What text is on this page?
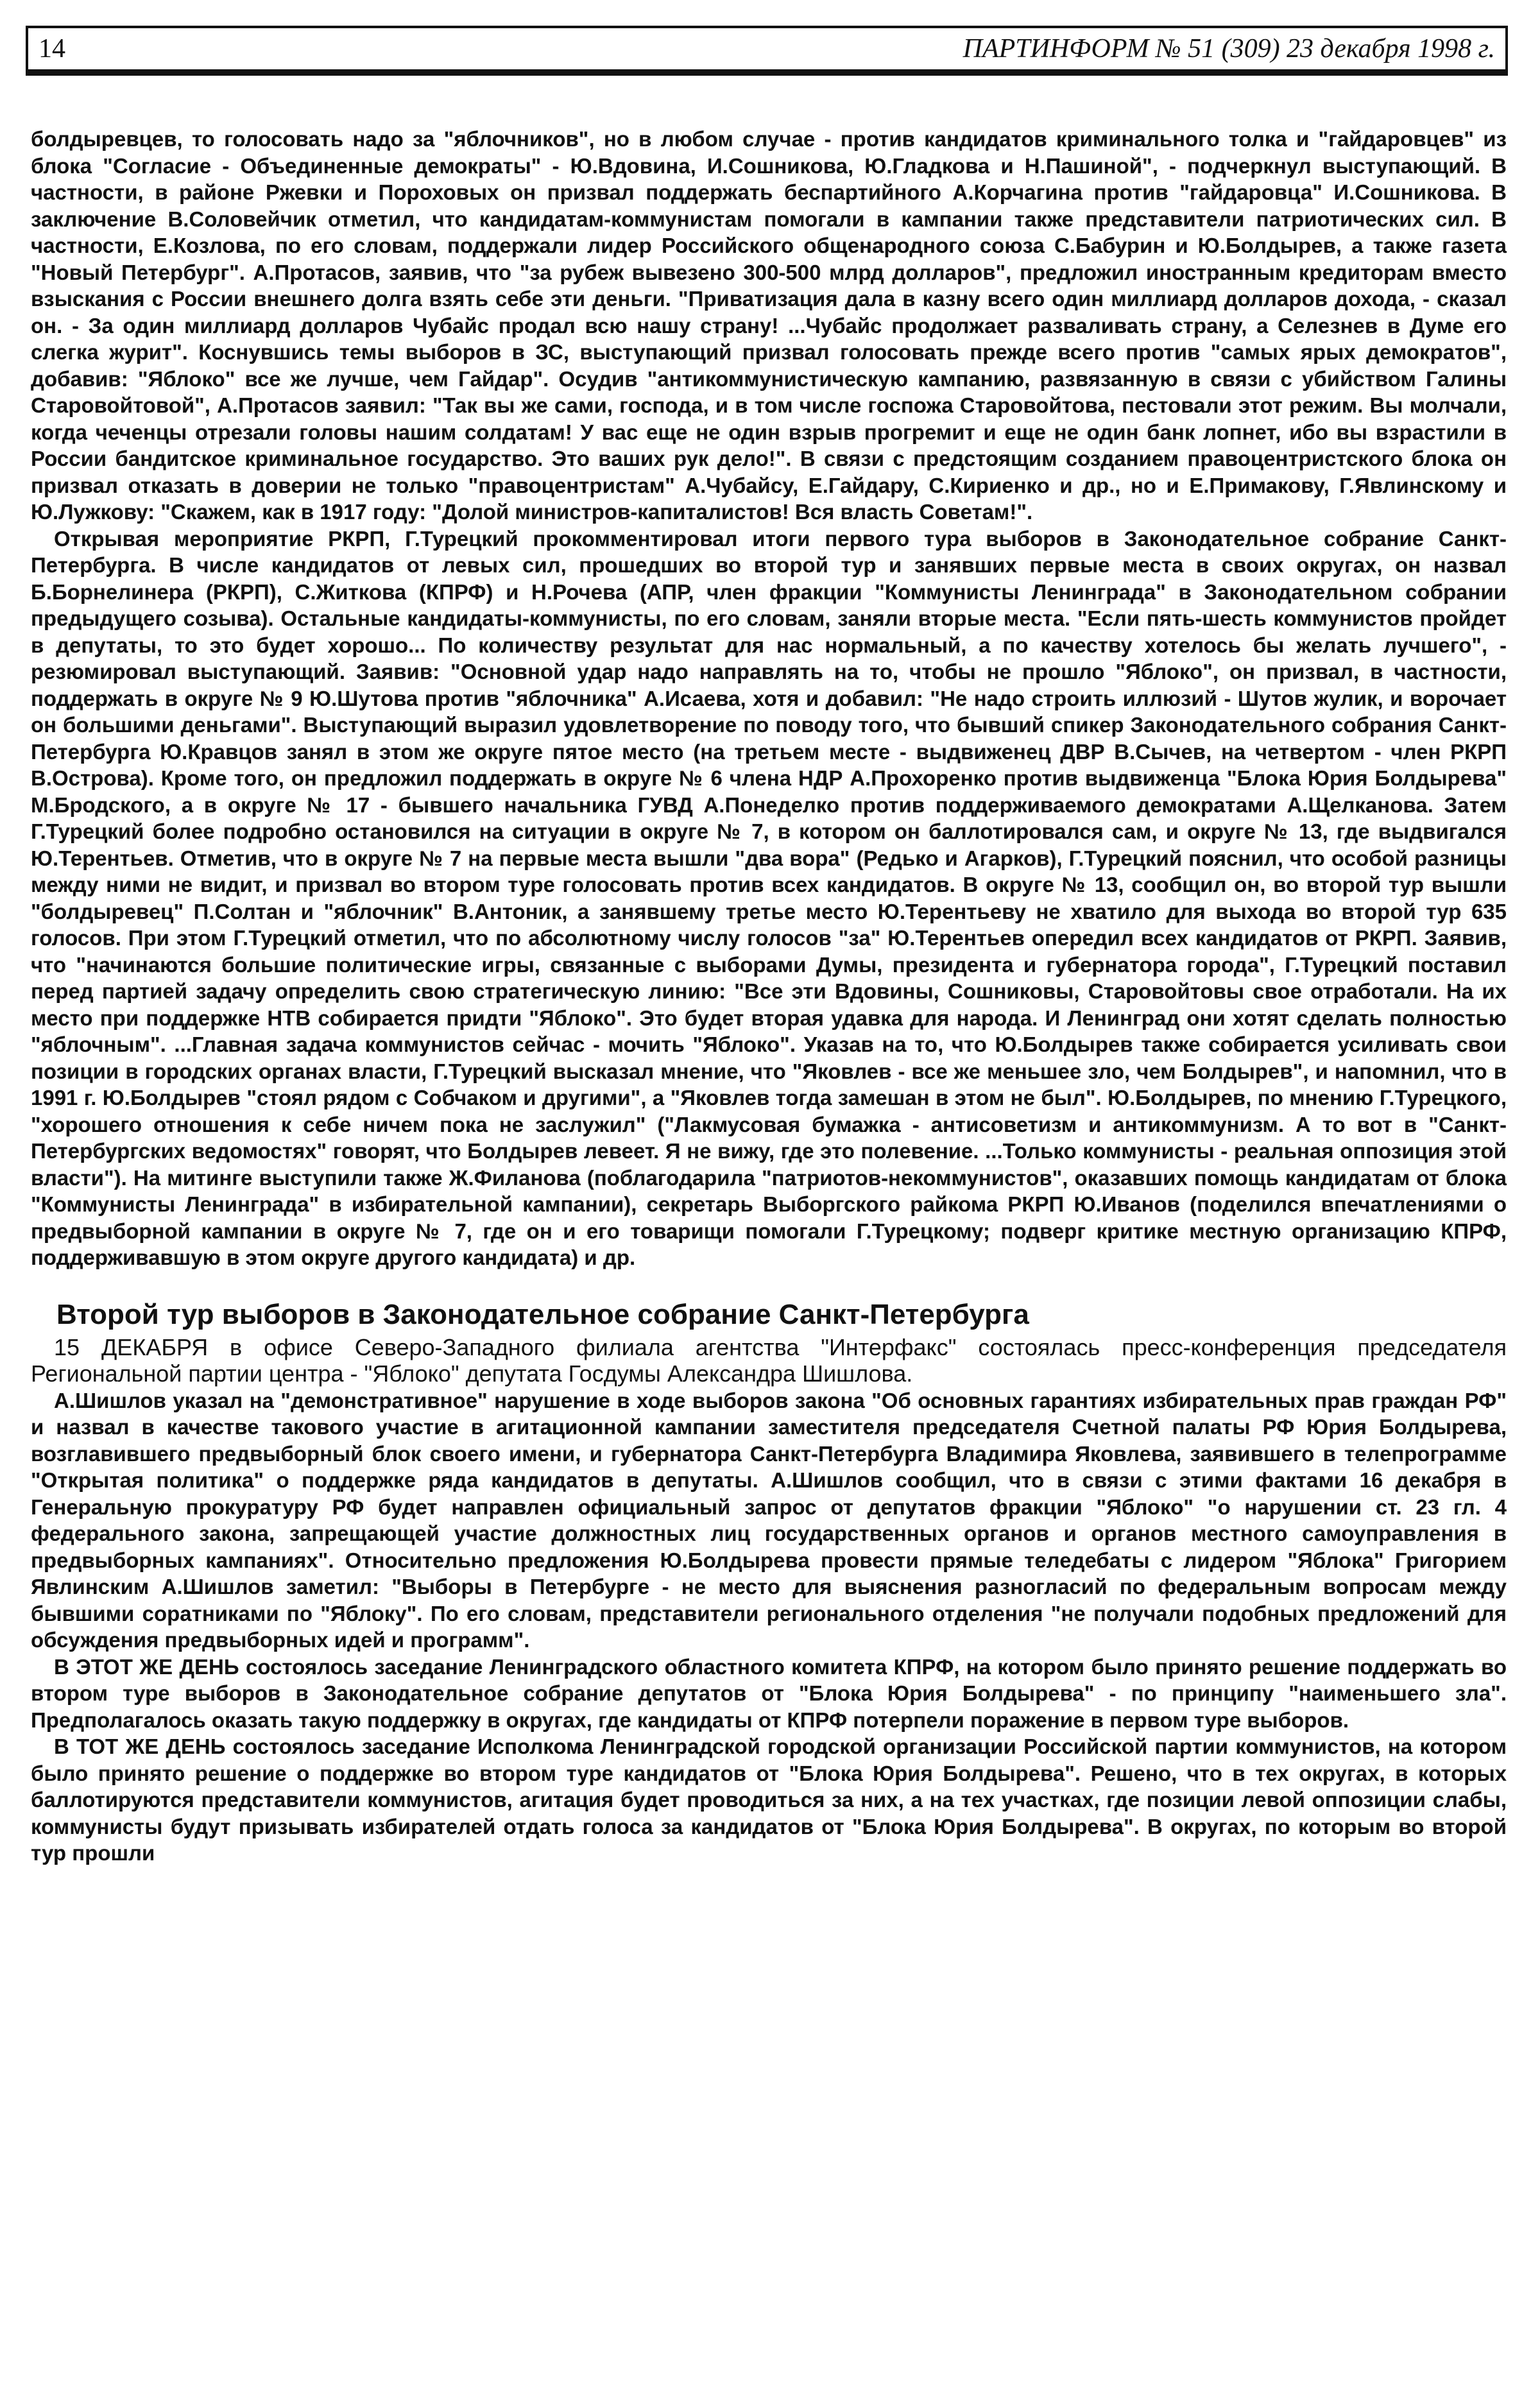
14	ПАРТИНФОРМ № 51 (309) 23 декабря 1998 г.

болдыревцев, то голосовать надо за "яблочников", но в любом случае - против кандидатов криминального толка и "гайдаровцев" из блока "Согласие - Объединенные демократы" - Ю.Вдовина, И.Сошникова, Ю.Гладкова и Н.Пашиной", - подчеркнул выступающий. В частности, в районе Ржевки и Пороховых он призвал поддержать беспартийного А.Корчагина против "гайдаровца" И.Сошникова. В заключение В.Соловейчик отметил, что кандидатам-коммунистам помогали в кампании также представители патриотических сил. В частности, Е.Козлова, по его словам, поддержали лидер Российского общенародного союза С.Бабурин и Ю.Болдырев, а также газета "Новый Петербург". А.Протасов, заявив, что "за рубеж вывезено 300-500 млрд долларов", предложил иностранным кредиторам вместо взыскания с России внешнего долга взять себе эти деньги. "Приватизация дала в казну всего один миллиард долларов дохода, - сказал он. - За один миллиард долларов Чубайс продал всю нашу страну! ...Чубайс продолжает разваливать страну, а Селезнев в Думе его слегка журит". Коснувшись темы выборов в ЗС, выступающий призвал голосовать прежде всего против "самых ярых демократов", добавив: "Яблоко" все же лучше, чем Гайдар". Осудив "антикоммунистическую кампанию, развязанную в связи с убийством Галины Старовойтовой", А.Протасов заявил: "Так вы же сами, господа, и в том числе госпожа Старовойтова, пестовали этот режим. Вы молчали, когда чеченцы отрезали головы нашим солдатам! У вас еще не один взрыв прогремит и еще не один банк лопнет, ибо вы взрастили в России бандитское криминальное государство. Это ваших рук дело!". В связи с предстоящим созданием правоцентристского блока он призвал отказать в доверии не только "правоцентристам" А.Чубайсу, Е.Гайдару, С.Кириенко и др., но и Е.Примакову, Г.Явлинскому и Ю.Лужкову: "Скажем, как в 1917 году: "Долой министров-капиталистов! Вся власть Советам!".

Открывая мероприятие РКРП, Г.Турецкий прокомментировал итоги первого тура выборов в Законодательное собрание Санкт-Петербурга. В числе кандидатов от левых сил, прошедших во второй тур и занявших первые места в своих округах, он назвал Б.Борнелинера (РКРП), С.Житкова (КПРФ) и Н.Рочева (АПР, член фракции "Коммунисты Ленинграда" в Законодательном собрании предыдущего созыва). Остальные кандидаты-коммунисты, по его словам, заняли вторые места. "Если пять-шесть коммунистов пройдет в депутаты, то это будет хорошо... По количеству результат для нас нормальный, а по качеству хотелось бы желать лучшего", - резюмировал выступающий. Заявив: "Основной удар надо направлять на то, чтобы не прошло "Яблоко", он призвал, в частности, поддержать в округе № 9 Ю.Шутова против "яблочника" А.Исаева, хотя и добавил: "Не надо строить иллюзий - Шутов жулик, и ворочает он большими деньгами". Выступающий выразил удовлетворение по поводу того, что бывший спикер Законодательного собрания Санкт-Петербурга Ю.Кравцов занял в этом же округе пятое место (на третьем месте - выдвиженец ДВР В.Сычев, на четвертом - член РКРП В.Острова). Кроме того, он предложил поддержать в округе № 6 члена НДР А.Прохоренко против выдвиженца "Блока Юрия Болдырева" М.Бродского, а в округе № 17 - бывшего начальника ГУВД А.Понеделко против поддерживаемого демократами А.Щелканова. Затем Г.Турецкий более подробно остановился на ситуации в округе № 7, в котором он баллотировался сам, и округе № 13, где выдвигался Ю.Терентьев. Отметив, что в округе № 7 на первые места вышли "два вора" (Редько и Агарков), Г.Турецкий пояснил, что особой разницы между ними не видит, и призвал во втором туре голосовать против всех кандидатов. В округе № 13, сообщил он, во второй тур вышли "болдыревец" П.Солтан и "яблочник" В.Антоник, а занявшему третье место Ю.Терентьеву не хватило для выхода во второй тур 635 голосов. При этом Г.Турецкий отметил, что по абсолютному числу голосов "за" Ю.Терентьев опередил всех кандидатов от РКРП. Заявив, что "начинаются большие политические игры, связанные с выборами Думы, президента и губернатора города", Г.Турецкий поставил перед партией задачу определить свою стратегическую линию: "Все эти Вдовины, Сошниковы, Старовойтовы свое отработали. На их место при поддержке НТВ собирается придти "Яблоко". Это будет вторая удавка для народа. И Ленинград они хотят сделать полностью "яблочным". ...Главная задача коммунистов сейчас - мочить "Яблоко". Указав на то, что Ю.Болдырев также собирается усиливать свои позиции в городских органах власти, Г.Турецкий высказал мнение, что "Яковлев - все же меньшее зло, чем Болдырев", и напомнил, что в 1991 г. Ю.Болдырев "стоял рядом с Собчаком и другими", а "Яковлев тогда замешан в этом не был". Ю.Болдырев, по мнению Г.Турецкого, "хорошего отношения к себе ничем пока не заслужил" ("Лакмусовая бумажка - антисоветизм и антикоммунизм. А то вот в "Санкт-Петербургских ведомостях" говорят, что Болдырев левеет. Я не вижу, где это полевение. ...Только коммунисты - реальная оппозиция этой власти"). На митинге выступили также Ж.Филанова (поблагодарила "патриотов-некоммунистов", оказавших помощь кандидатам от блока "Коммунисты Ленинграда" в избирательной кампании), секретарь Выборгского райкома РКРП Ю.Иванов (поделился впечатлениями о предвыборной кампании в округе № 7, где он и его товарищи помогали Г.Турецкому; подверг критике местную организацию КПРФ, поддерживавшую в этом округе другого кандидата) и др.

Второй тур выборов в Законодательное собрание Санкт-Петербурга

15 ДЕКАБРЯ в офисе Северо-Западного филиала агентства "Интерфакс" состоялась пресс-конференция председателя Региональной партии центра - "Яблоко" депутата Госдумы Александра Шишлова.

А.Шишлов указал на "демонстративное" нарушение в ходе выборов закона "Об основных гарантиях избирательных прав граждан РФ" и назвал в качестве такового участие в агитационной кампании заместителя председателя Счетной палаты РФ Юрия Болдырева, возглавившего предвыборный блок своего имени, и губернатора Санкт-Петербурга Владимира Яковлева, заявившего в телепрограмме "Открытая политика" о поддержке ряда кандидатов в депутаты. А.Шишлов сообщил, что в связи с этими фактами 16 декабря в Генеральную прокуратуру РФ будет направлен официальный запрос от депутатов фракции "Яблоко" "о нарушении ст. 23 гл. 4 федерального закона, запрещающей участие должностных лиц государственных органов и органов местного самоуправления в предвыборных кампаниях". Относительно предложения Ю.Болдырева провести прямые теледебаты с лидером "Яблока" Григорием Явлинским А.Шишлов заметил: "Выборы в Петербурге - не место для выяснения разногласий по федеральным вопросам между бывшими соратниками по "Яблоку". По его словам, представители регионального отделения "не получали подобных предложений для обсуждения предвыборных идей и программ".

В ЭТОТ ЖЕ ДЕНЬ состоялось заседание Ленинградского областного комитета КПРФ, на котором было принято решение поддержать во втором туре выборов в Законодательное собрание депутатов от "Блока Юрия Болдырева" - по принципу "наименьшего зла". Предполагалось оказать такую поддержку в округах, где кандидаты от КПРФ потерпели поражение в первом туре выборов.

В ТОТ ЖЕ ДЕНЬ состоялось заседание Исполкома Ленинградской городской организации Российской партии коммунистов, на котором было принято решение о поддержке во втором туре кандидатов от "Блока Юрия Болдырева". Решено, что в тех округах, в которых баллотируются представители коммунистов, агитация будет проводиться за них, а на тех участках, где позиции левой оппозиции слабы, коммунисты будут призывать избирателей отдать голоса за кандидатов от "Блока Юрия Болдырева". В округах, по которым во второй тур прошли
